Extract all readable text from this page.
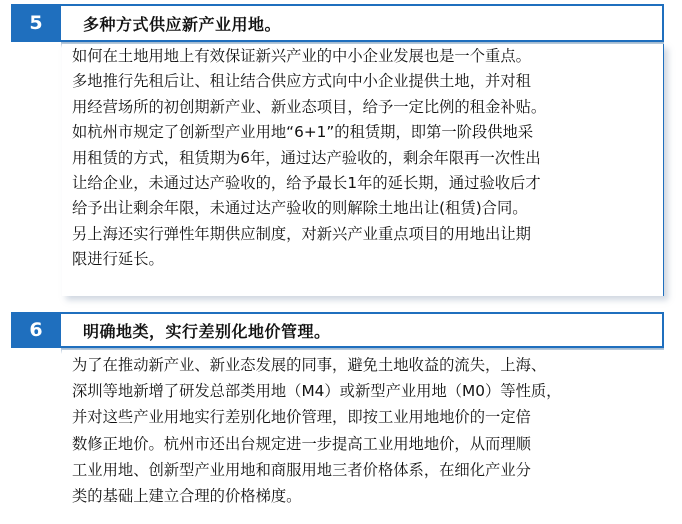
5	多种方式供应新产业用地。

如何在土地用地上有效保证新兴产业的中小企业发展也是一个重点。
多地推行先租后让、租让结合供应方式向中小企业提供土地，并对租
用经营场所的初创期新产业、新业态项目，给予一定比例的租金补贴。
如杭州市规定了创新型产业用地“6+1”的租赁期，即第一阶段供地采
用租赁的方式，租赁期为6年，通过达产验收的，剩余年限再一次性出
让给企业，未通过达产验收的，给予最长1年的延长期，通过验收后才
给予出让剩余年限，未通过达产验收的则解除土地出让(租赁)合同。
另上海还实行弹性年期供应制度，对新兴产业重点项目的用地出让期
限进行延长。

6	明确地类，实行差别化地价管理。

为了在推动新产业、新业态发展的同事，避免土地收益的流失，上海、
深圳等地新增了研发总部类用地（M4）或新型产业用地（M0）等性质，
并对这些产业用地实行差别化地价管理，即按工业用地地价的一定倍
数修正地价。杭州市还出台规定进一步提高工业用地地价，从而理顺
工业用地、创新型产业用地和商服用地三者价格体系，在细化产业分
类的基础上建立合理的价格梯度。
